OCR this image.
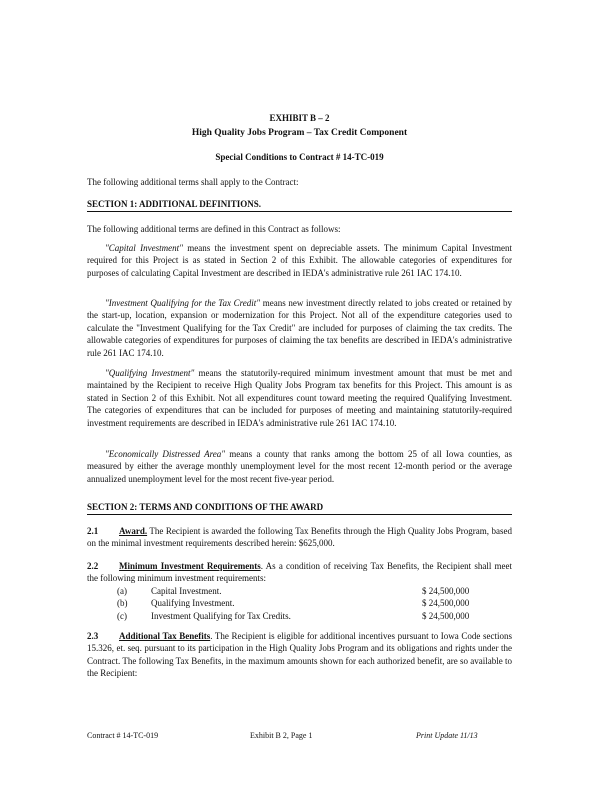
EXHIBIT B – 2
High Quality Jobs Program – Tax Credit Component
Special Conditions to Contract # 14-TC-019
The following additional terms shall apply to the Contract:
SECTION 1: ADDITIONAL DEFINITIONS.
The following additional terms are defined in this Contract as follows:
"Capital Investment" means the investment spent on depreciable assets. The minimum Capital Investment required for this Project is as stated in Section 2 of this Exhibit. The allowable categories of expenditures for purposes of calculating Capital Investment are described in IEDA's administrative rule 261 IAC 174.10.
"Investment Qualifying for the Tax Credit" means new investment directly related to jobs created or retained by the start-up, location, expansion or modernization for this Project. Not all of the expenditure categories used to calculate the "Investment Qualifying for the Tax Credit" are included for purposes of claiming the tax credits. The allowable categories of expenditures for purposes of claiming the tax benefits are described in IEDA's administrative rule 261 IAC 174.10.
"Qualifying Investment" means the statutorily-required minimum investment amount that must be met and maintained by the Recipient to receive High Quality Jobs Program tax benefits for this Project. This amount is as stated in Section 2 of this Exhibit. Not all expenditures count toward meeting the required Qualifying Investment. The categories of expenditures that can be included for purposes of meeting and maintaining statutorily-required investment requirements are described in IEDA's administrative rule 261 IAC 174.10.
"Economically Distressed Area" means a county that ranks among the bottom 25 of all Iowa counties, as measured by either the average monthly unemployment level for the most recent 12-month period or the average annualized unemployment level for the most recent five-year period.
SECTION 2: TERMS AND CONDITIONS OF THE AWARD
2.1 Award. The Recipient is awarded the following Tax Benefits through the High Quality Jobs Program, based on the minimal investment requirements described herein: $625,000.
2.2 Minimum Investment Requirements. As a condition of receiving Tax Benefits, the Recipient shall meet the following minimum investment requirements:
(a)	Capital Investment.	$ 24,500,000
(b)	Qualifying Investment.	$ 24,500,000
(c)	Investment Qualifying for Tax Credits.	$ 24,500,000
2.3 Additional Tax Benefits. The Recipient is eligible for additional incentives pursuant to Iowa Code sections 15.326, et. seq. pursuant to its participation in the High Quality Jobs Program and its obligations and rights under the Contract. The following Tax Benefits, in the maximum amounts shown for each authorized benefit, are so available to the Recipient:
Contract # 14-TC-019	Exhibit B 2, Page 1	Print Update 11/13
